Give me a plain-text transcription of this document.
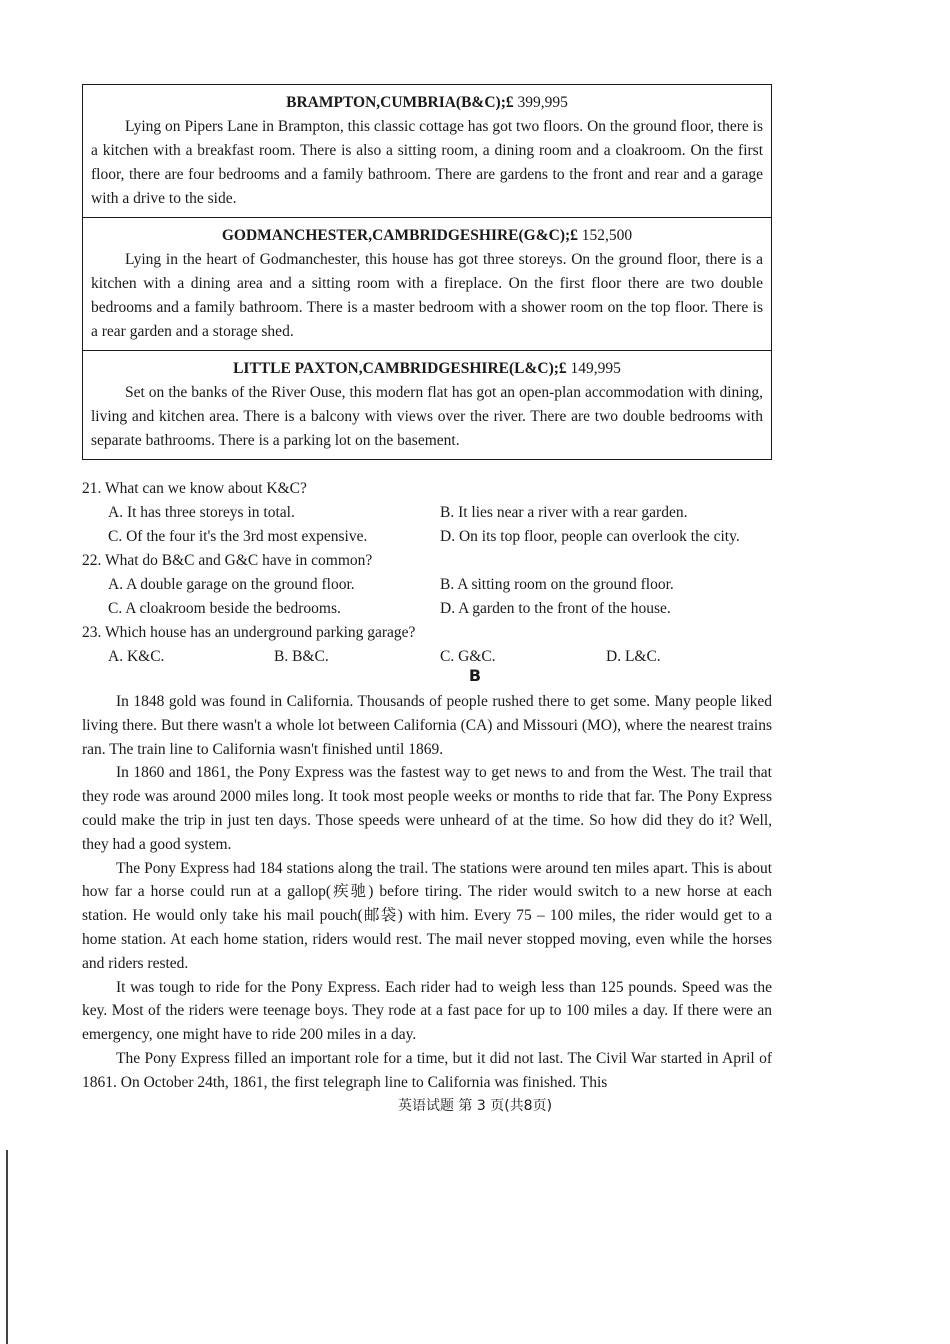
BRAMPTON,CUMBRIA(B&C);£ 399,995
Lying on Pipers Lane in Brampton, this classic cottage has got two floors. On the ground floor, there is a kitchen with a breakfast room. There is also a sitting room, a dining room and a cloakroom. On the first floor, there are four bedrooms and a family bathroom. There are gardens to the front and rear and a garage with a drive to the side.
GODMANCHESTER,CAMBRIDGESHIRE(G&C);£ 152,500
Lying in the heart of Godmanchester, this house has got three storeys. On the ground floor, there is a kitchen with a dining area and a sitting room with a fireplace. On the first floor there are two double bedrooms and a family bathroom. There is a master bedroom with a shower room on the top floor. There is a rear garden and a storage shed.
LITTLE PAXTON,CAMBRIDGESHIRE(L&C);£ 149,995
Set on the banks of the River Ouse, this modern flat has got an open-plan accommodation with dining, living and kitchen area. There is a balcony with views over the river. There are two double bedrooms with separate bathrooms. There is a parking lot on the basement.
21. What can we know about K&C?
A. It has three storeys in total.	B. It lies near a river with a rear garden.
C. Of the four it's the 3rd most expensive.	D. On its top floor, people can overlook the city.
22. What do B&C and G&C have in common?
A. A double garage on the ground floor.	B. A sitting room on the ground floor.
C. A cloakroom beside the bedrooms.	D. A garden to the front of the house.
23. Which house has an underground parking garage?
A. K&C.	B. B&C.	C. G&C.	D. L&C.
B

In 1848 gold was found in California. Thousands of people rushed there to get some. Many people liked living there. But there wasn't a whole lot between California (CA) and Missouri (MO), where the nearest trains ran. The train line to California wasn't finished until 1869.

In 1860 and 1861, the Pony Express was the fastest way to get news to and from the West. The trail that they rode was around 2000 miles long. It took most people weeks or months to ride that far. The Pony Express could make the trip in just ten days. Those speeds were unheard of at the time. So how did they do it? Well, they had a good system.

The Pony Express had 184 stations along the trail. The stations were around ten miles apart. This is about how far a horse could run at a gallop(疾驰) before tiring. The rider would switch to a new horse at each station. He would only take his mail pouch(邮袋) with him. Every 75 – 100 miles, the rider would get to a home station. At each home station, riders would rest. The mail never stopped moving, even while the horses and riders rested.

It was tough to ride for the Pony Express. Each rider had to weigh less than 125 pounds. Speed was the key. Most of the riders were teenage boys. They rode at a fast pace for up to 100 miles a day. If there were an emergency, one might have to ride 200 miles in a day.

The Pony Express filled an important role for a time, but it did not last. The Civil War started in April of 1861. On October 24th, 1861, the first telegraph line to California was finished. This

英语试题 第 3 页(共8页)
